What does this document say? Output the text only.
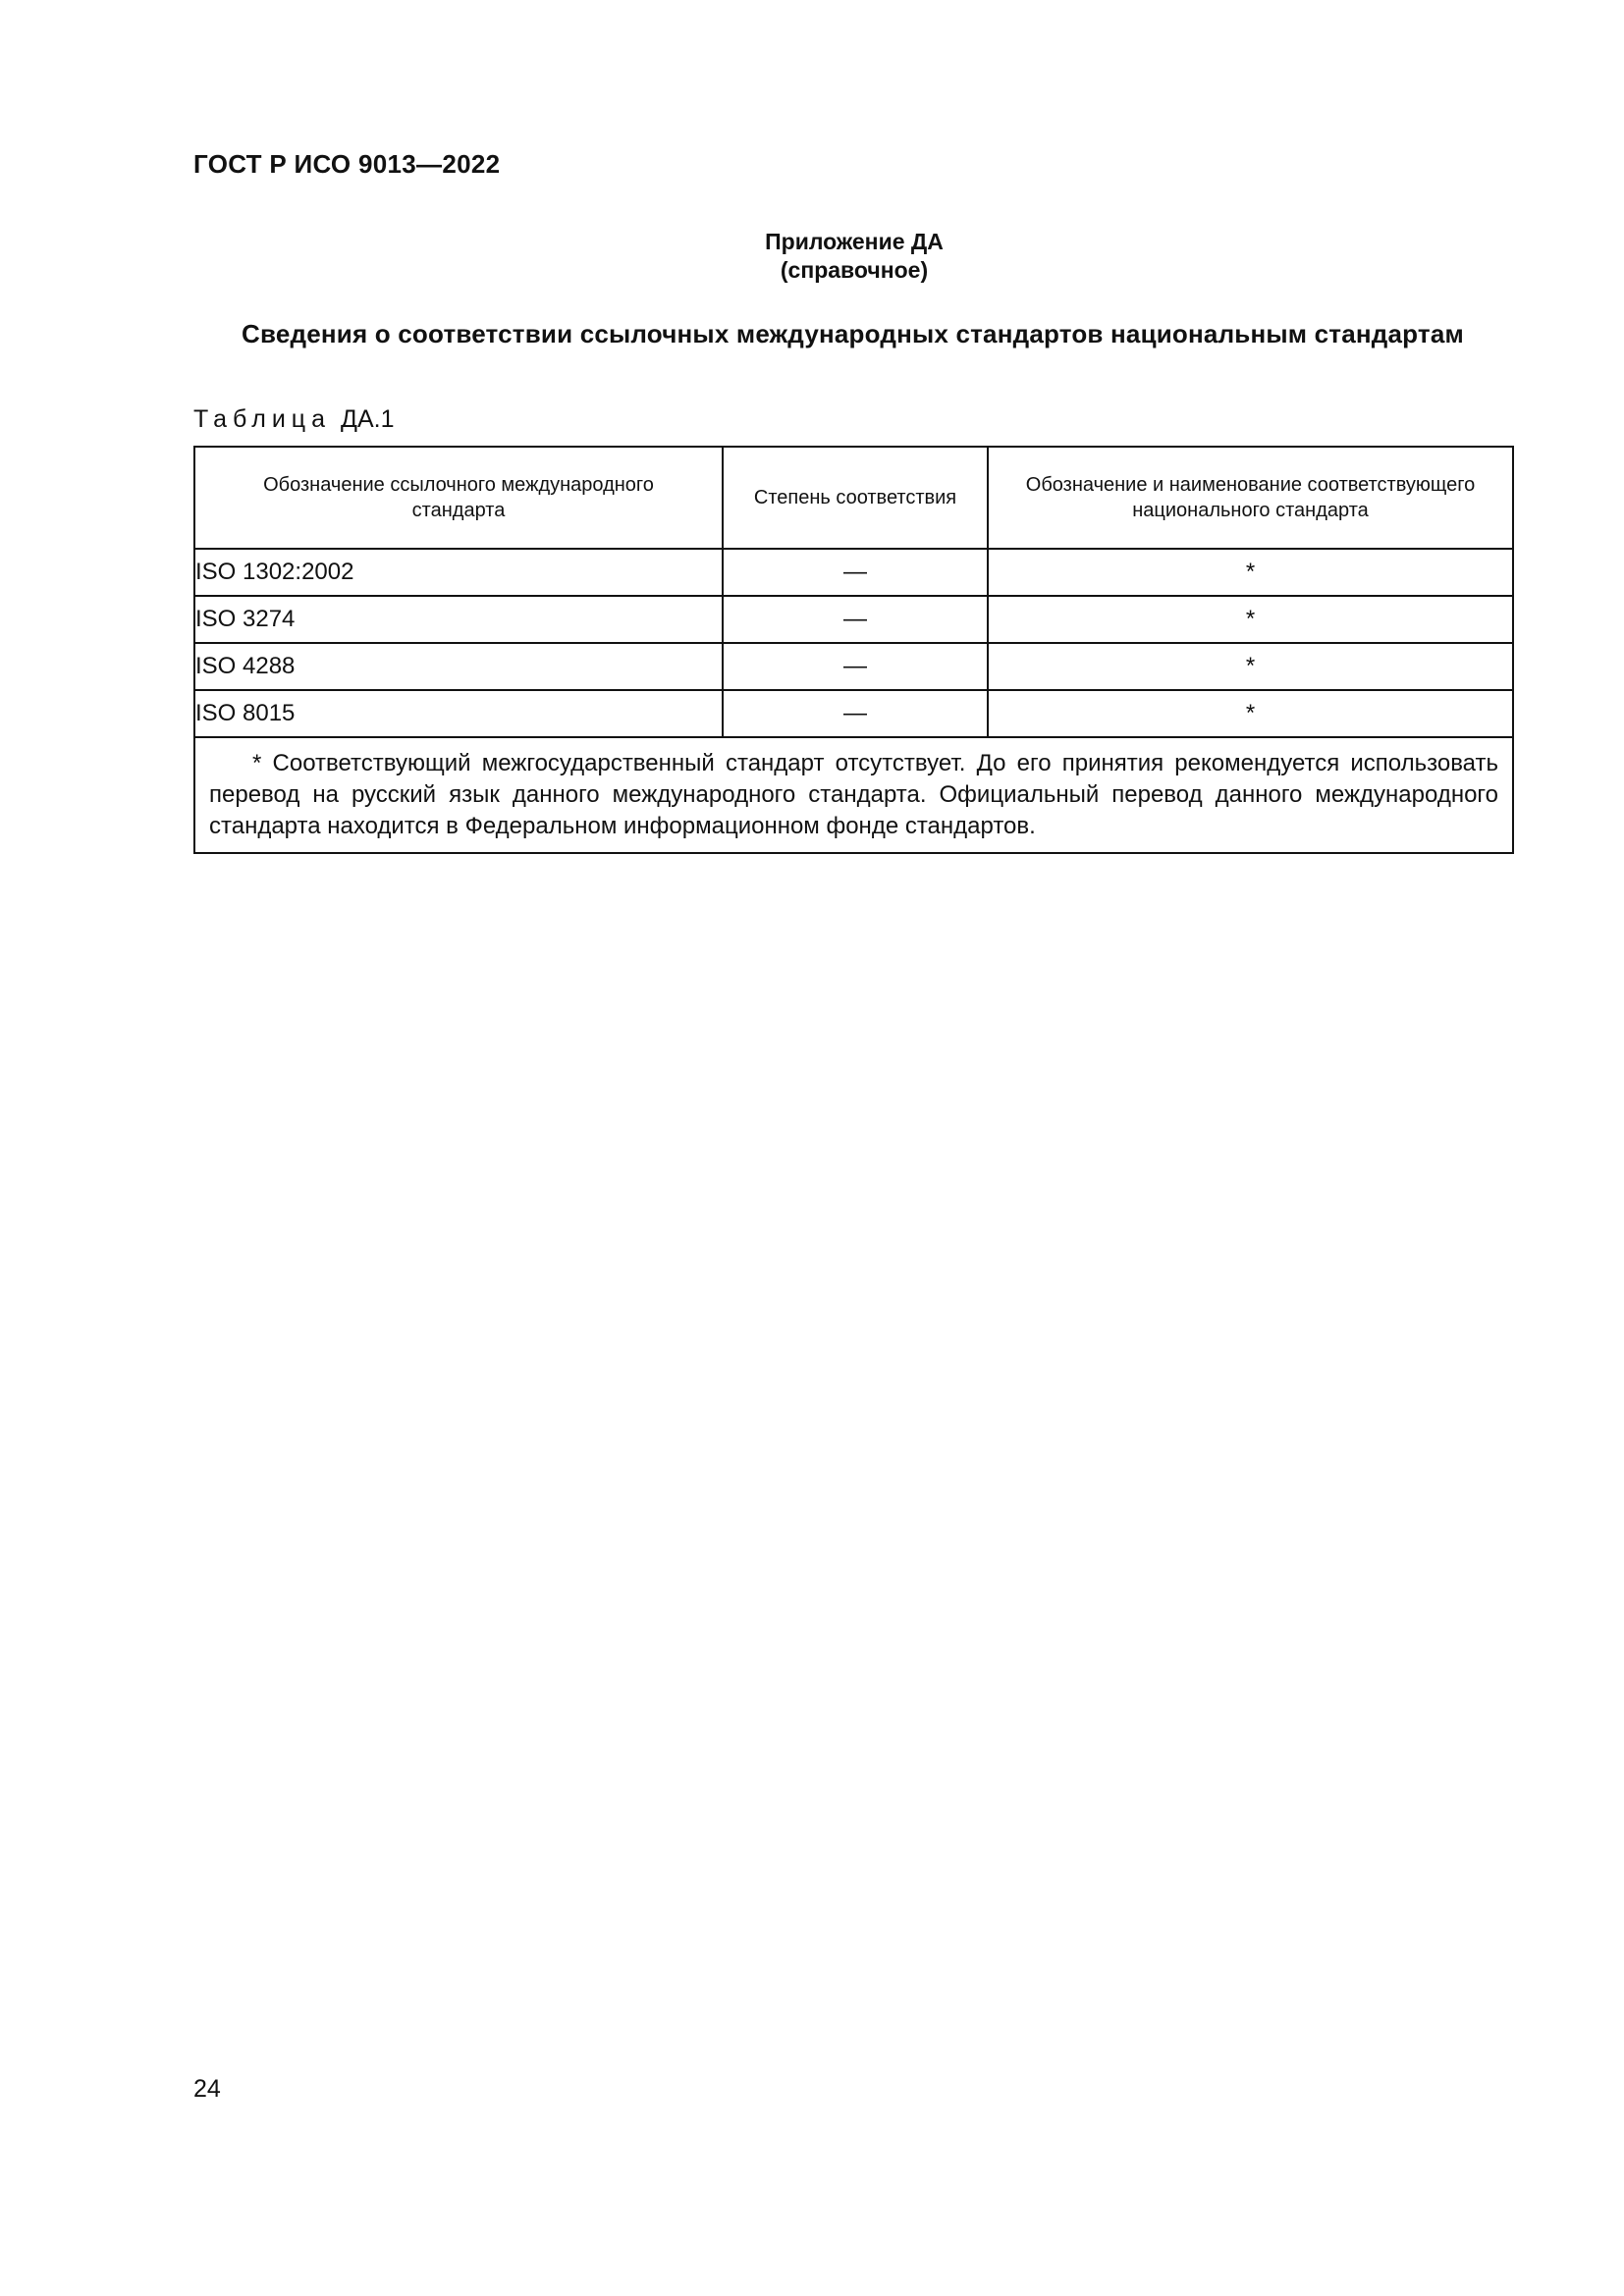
ГОСТ Р ИСО 9013—2022

Приложение ДА

(справочное)

Сведения о соответствии ссылочных международных стандартов национальным стандартам

Таблица ДА.1

Обозначение ссылочного международного стандарта	Степень соответствия	Обозначение и наименование соответствующего национального стандарта
ISO 1302:2002	—	*
ISO 3274	—	*
ISO 4288	—	*
ISO 8015	—	*
* Соответствующий межгосударственный стандарт отсутствует. До его принятия рекомендуется использовать перевод на русский язык данного международного стандарта. Официальный перевод данного международного стандарта находится в Федеральном информационном фонде стандартов.		

24
